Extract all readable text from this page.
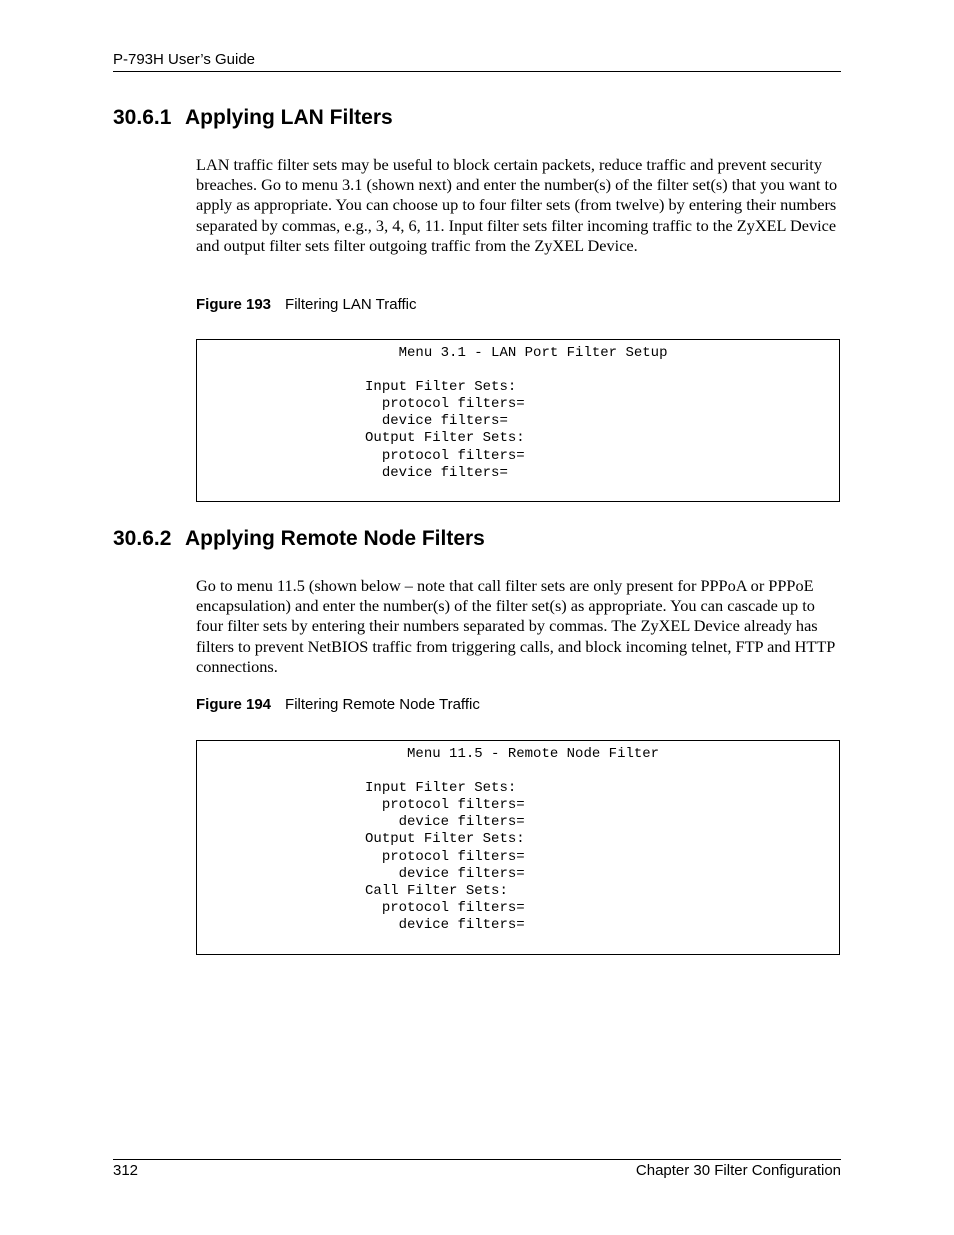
P-793H User’s Guide
30.6.1 Applying LAN Filters

LAN traffic filter sets may be useful to block certain packets, reduce traffic and prevent security breaches. Go to menu 3.1 (shown next) and enter the number(s) of the filter set(s) that you want to apply as appropriate. You can choose up to four filter sets (from twelve) by entering their numbers separated by commas, e.g., 3, 4, 6, 11. Input filter sets filter incoming traffic to the ZyXEL Device and output filter sets filter outgoing traffic from the ZyXEL Device.

Figure 193 Filtering LAN Traffic
Menu 3.1 - LAN Port Filter Setup

Input Filter Sets:
protocol filters=
device filters=
Output Filter Sets:
protocol filters=
device filters=
30.6.2 Applying Remote Node Filters

Go to menu 11.5 (shown below – note that call filter sets are only present for PPPoA or PPPoE encapsulation) and enter the number(s) of the filter set(s) as appropriate. You can cascade up to four filter sets by entering their numbers separated by commas. The ZyXEL Device already has filters to prevent NetBIOS traffic from triggering calls, and block incoming telnet, FTP and HTTP connections.

Figure 194 Filtering Remote Node Traffic
Menu 11.5 - Remote Node Filter

Input Filter Sets:
protocol filters=
device filters=
Output Filter Sets:
protocol filters=
device filters=
Call Filter Sets:
protocol filters=
device filters=
312	Chapter 30 Filter Configuration
